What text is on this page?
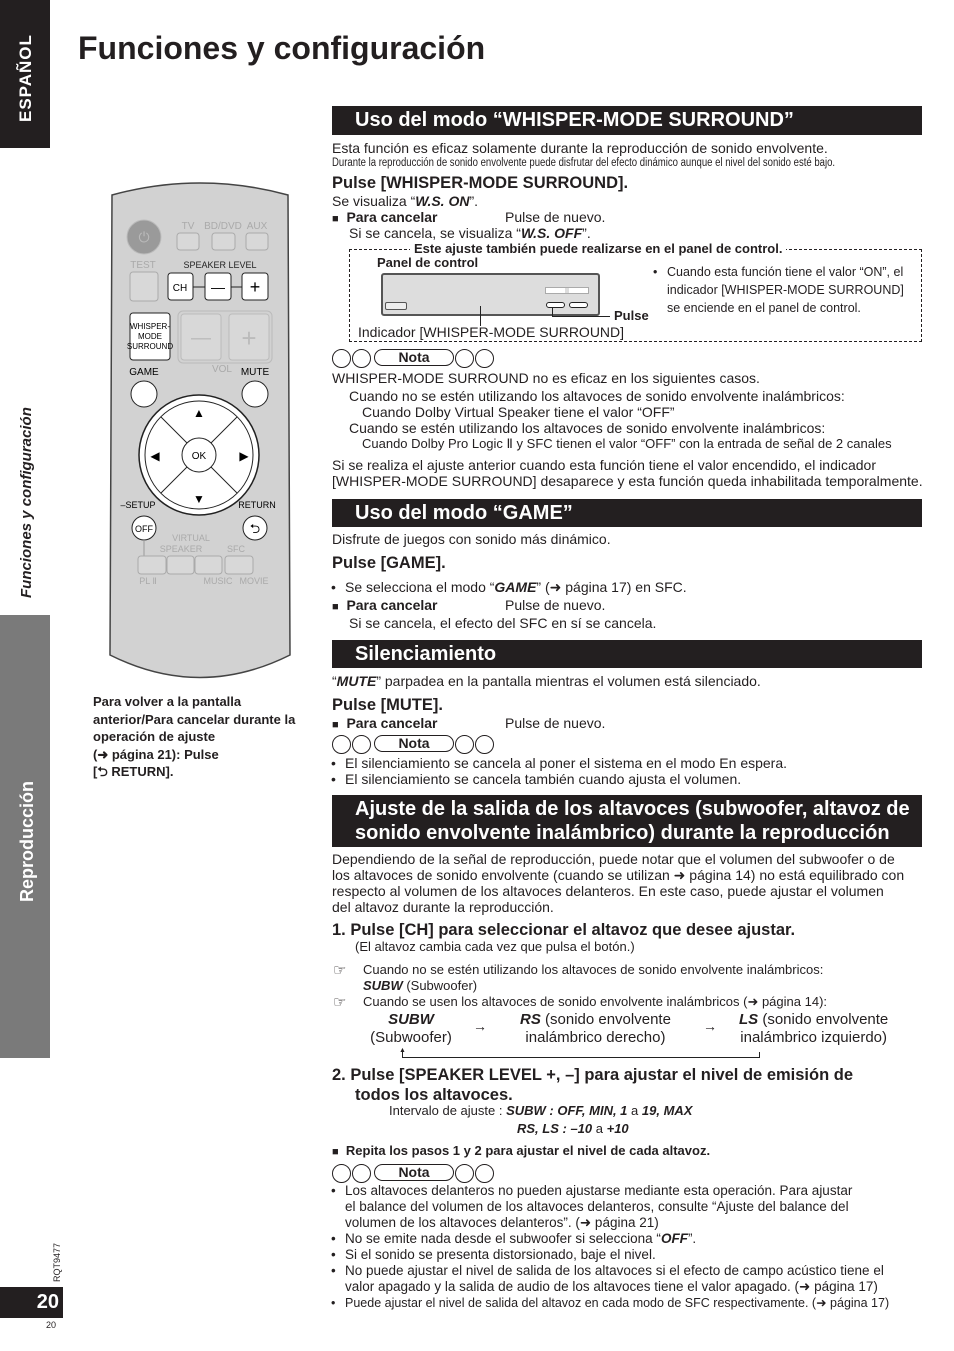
ESPAÑOL
Funciones y configuración
Reproducción
RQT9477
20
20
Funciones y configuración
⏻
TV BD/DVD AUX
TEST	SPEAKER LEVEL
CH — +
WHISPER-
MODE
SURROUND — +
VOL
GAME	MUTE
▲
▼
◀	▶
OK
–SETUP
OFF
RETURN
⮌
VIRTUAL
SPEAKER	SFC
PL Ⅱ	MUSIC MOVIE
Para volver a la pantalla
anterior/Para cancelar durante la
operación de ajuste
(➜ página 21): Pulse
[⮌ RETURN].
Uso del modo “WHISPER-MODE SURROUND”
Esta función es eficaz solamente durante la reproducción de sonido envolvente.
Durante la reproducción de sonido envolvente puede disfrutar del efecto dinámico aunque el nivel del sonido esté bajo.
Pulse [WHISPER-MODE SURROUND].
Se visualiza “W.S. ON”.
■ Para cancelar	Pulse de nuevo.
Si se cancela, se visualiza “W.S. OFF”.
Este ajuste también puede realizarse en el panel de control.
Panel de control
Pulse
Indicador [WHISPER-MODE SURROUND]
• Cuando esta función tiene el valor “ON”, el
indicador [WHISPER-MODE SURROUND]
se enciende en el panel de control.
Nota
WHISPER-MODE SURROUND no es eficaz en los siguientes casos.
Cuando no se estén utilizando los altavoces de sonido envolvente inalámbricos:
Cuando Dolby Virtual Speaker tiene el valor “OFF”
Cuando se estén utilizando los altavoces de sonido envolvente inalámbricos:
Cuando Dolby Pro Logic Ⅱ y SFC tienen el valor “OFF” con la entrada de señal de 2 canales
Si se realiza el ajuste anterior cuando esta función tiene el valor encendido, el indicador
[WHISPER-MODE SURROUND] desaparece y esta función queda inhabilitada temporalmente.
Uso del modo “GAME”
Disfrute de juegos con sonido más dinámico.
Pulse [GAME].
• Se selecciona el modo “GAME” (➜ página 17) en SFC.
■ Para cancelar	Pulse de nuevo.
Si se cancela, el efecto del SFC en sí se cancela.
Silenciamiento
“MUTE” parpadea en la pantalla mientras el volumen está silenciado.
Pulse [MUTE].
■ Para cancelar	Pulse de nuevo.
Nota
• El silenciamiento se cancela al poner el sistema en el modo En espera.
• El silenciamiento se cancela también cuando ajusta el volumen.
Ajuste de la salida de los altavoces (subwoofer, altavoz de
sonido envolvente inalámbrico) durante la reproducción
Dependiendo de la señal de reproducción, puede notar que el volumen del subwoofer o de
los altavoces de sonido envolvente (cuando se utilizan ➜ página 14) no está equilibrado con
respecto al volumen de los altavoces delanteros. En este caso, puede ajustar el volumen
del altavoz durante la reproducción.
1. Pulse [CH] para seleccionar el altavoz que desee ajustar.
(El altavoz cambia cada vez que pulsa el botón.)
☞ Cuando no se estén utilizando los altavoces de sonido envolvente inalámbricos:
SUBW (Subwoofer)
☞ Cuando se usen los altavoces de sonido envolvente inalámbricos (➜ página 14):
SUBW
(Subwoofer)
→ RS (sonido envolvente
inalámbrico derecho)
→ LS (sonido envolvente
inalámbrico izquierdo)
▲
2. Pulse [SPEAKER LEVEL +, –] para ajustar el nivel de emisión de
todos los altavoces.
Intervalo de ajuste : SUBW : OFF, MIN, 1 a 19, MAX
RS, LS : –10 a +10
■ Repita los pasos 1 y 2 para ajustar el nivel de cada altavoz.
Nota
• Los altavoces delanteros no pueden ajustarse mediante esta operación. Para ajustar
el balance del volumen de los altavoces delanteros, consulte “Ajuste del balance del
volumen de los altavoces delanteros”. (➜ página 21)
• No se emite nada desde el subwoofer si selecciona “OFF”.
• Si el sonido se presenta distorsionado, baje el nivel.
• No puede ajustar el nivel de salida de los altavoces si el efecto de campo acústico tiene el
valor apagado y la salida de audio de los altavoces tiene el valor apagado. (➜ página 17)
• Puede ajustar el nivel de salida del altavoz en cada modo de SFC respectivamente. (➜ página 17)
